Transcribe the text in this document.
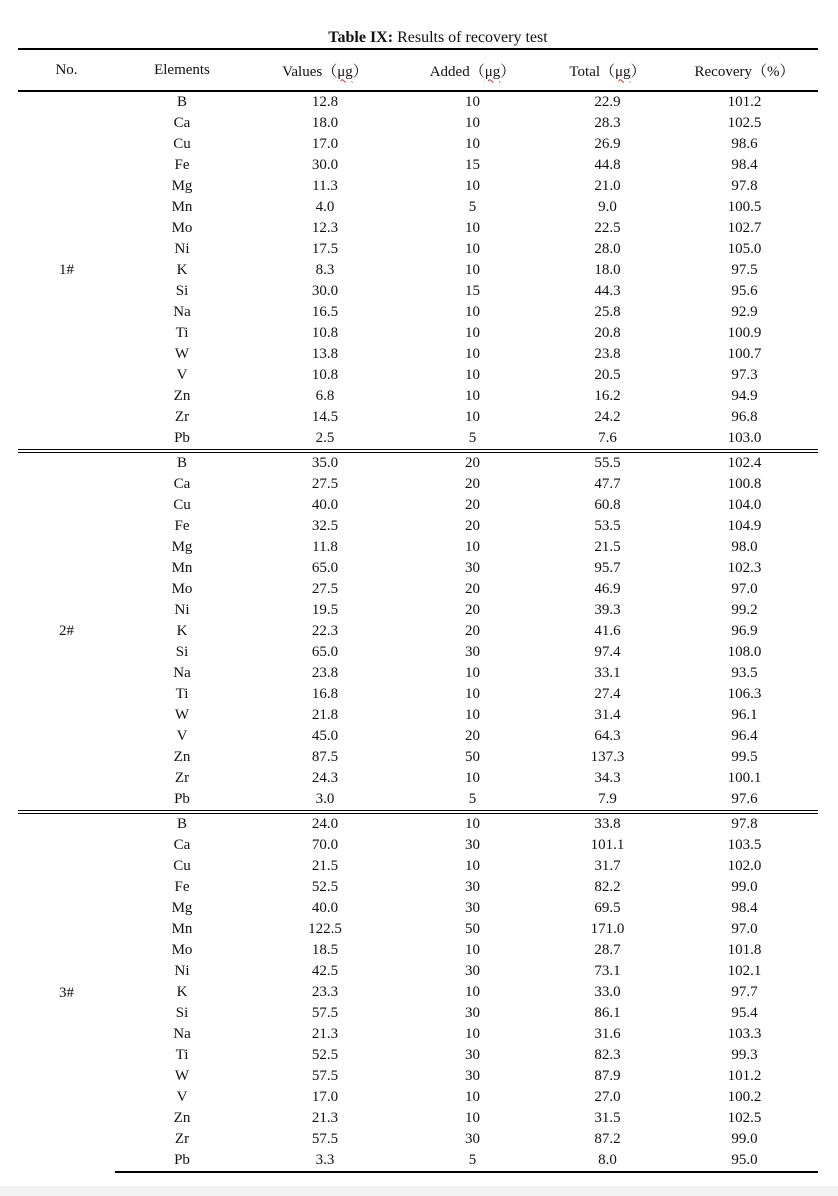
Table IX: Results of recovery test
No.	Elements	Values（μg）	Added（μg）	Total（μg）	Recovery（%）
1#	B	12.8	10	22.9	101.2
	Ca	18.0	10	28.3	102.5
	Cu	17.0	10	26.9	98.6
	Fe	30.0	15	44.8	98.4
	Mg	11.3	10	21.0	97.8
	Mn	4.0	5	9.0	100.5
	Mo	12.3	10	22.5	102.7
	Ni	17.5	10	28.0	105.0
	K	8.3	10	18.0	97.5
	Si	30.0	15	44.3	95.6
	Na	16.5	10	25.8	92.9
	Ti	10.8	10	20.8	100.9
	W	13.8	10	23.8	100.7
	V	10.8	10	20.5	97.3
	Zn	6.8	10	16.2	94.9
	Zr	14.5	10	24.2	96.8
	Pb	2.5	5	7.6	103.0
2#	B	35.0	20	55.5	102.4
	Ca	27.5	20	47.7	100.8
	Cu	40.0	20	60.8	104.0
	Fe	32.5	20	53.5	104.9
	Mg	11.8	10	21.5	98.0
	Mn	65.0	30	95.7	102.3
	Mo	27.5	20	46.9	97.0
	Ni	19.5	20	39.3	99.2
	K	22.3	20	41.6	96.9
	Si	65.0	30	97.4	108.0
	Na	23.8	10	33.1	93.5
	Ti	16.8	10	27.4	106.3
	W	21.8	10	31.4	96.1
	V	45.0	20	64.3	96.4
	Zn	87.5	50	137.3	99.5
	Zr	24.3	10	34.3	100.1
	Pb	3.0	5	7.9	97.6
3#	B	24.0	10	33.8	97.8
	Ca	70.0	30	101.1	103.5
	Cu	21.5	10	31.7	102.0
	Fe	52.5	30	82.2	99.0
	Mg	40.0	30	69.5	98.4
	Mn	122.5	50	171.0	97.0
	Mo	18.5	10	28.7	101.8
	Ni	42.5	30	73.1	102.1
	K	23.3	10	33.0	97.7
	Si	57.5	30	86.1	95.4
	Na	21.3	10	31.6	103.3
	Ti	52.5	30	82.3	99.3
	W	57.5	30	87.9	101.2
	V	17.0	10	27.0	100.2
	Zn	21.3	10	31.5	102.5
	Zr	57.5	30	87.2	99.0
	Pb	3.3	5	8.0	95.0
